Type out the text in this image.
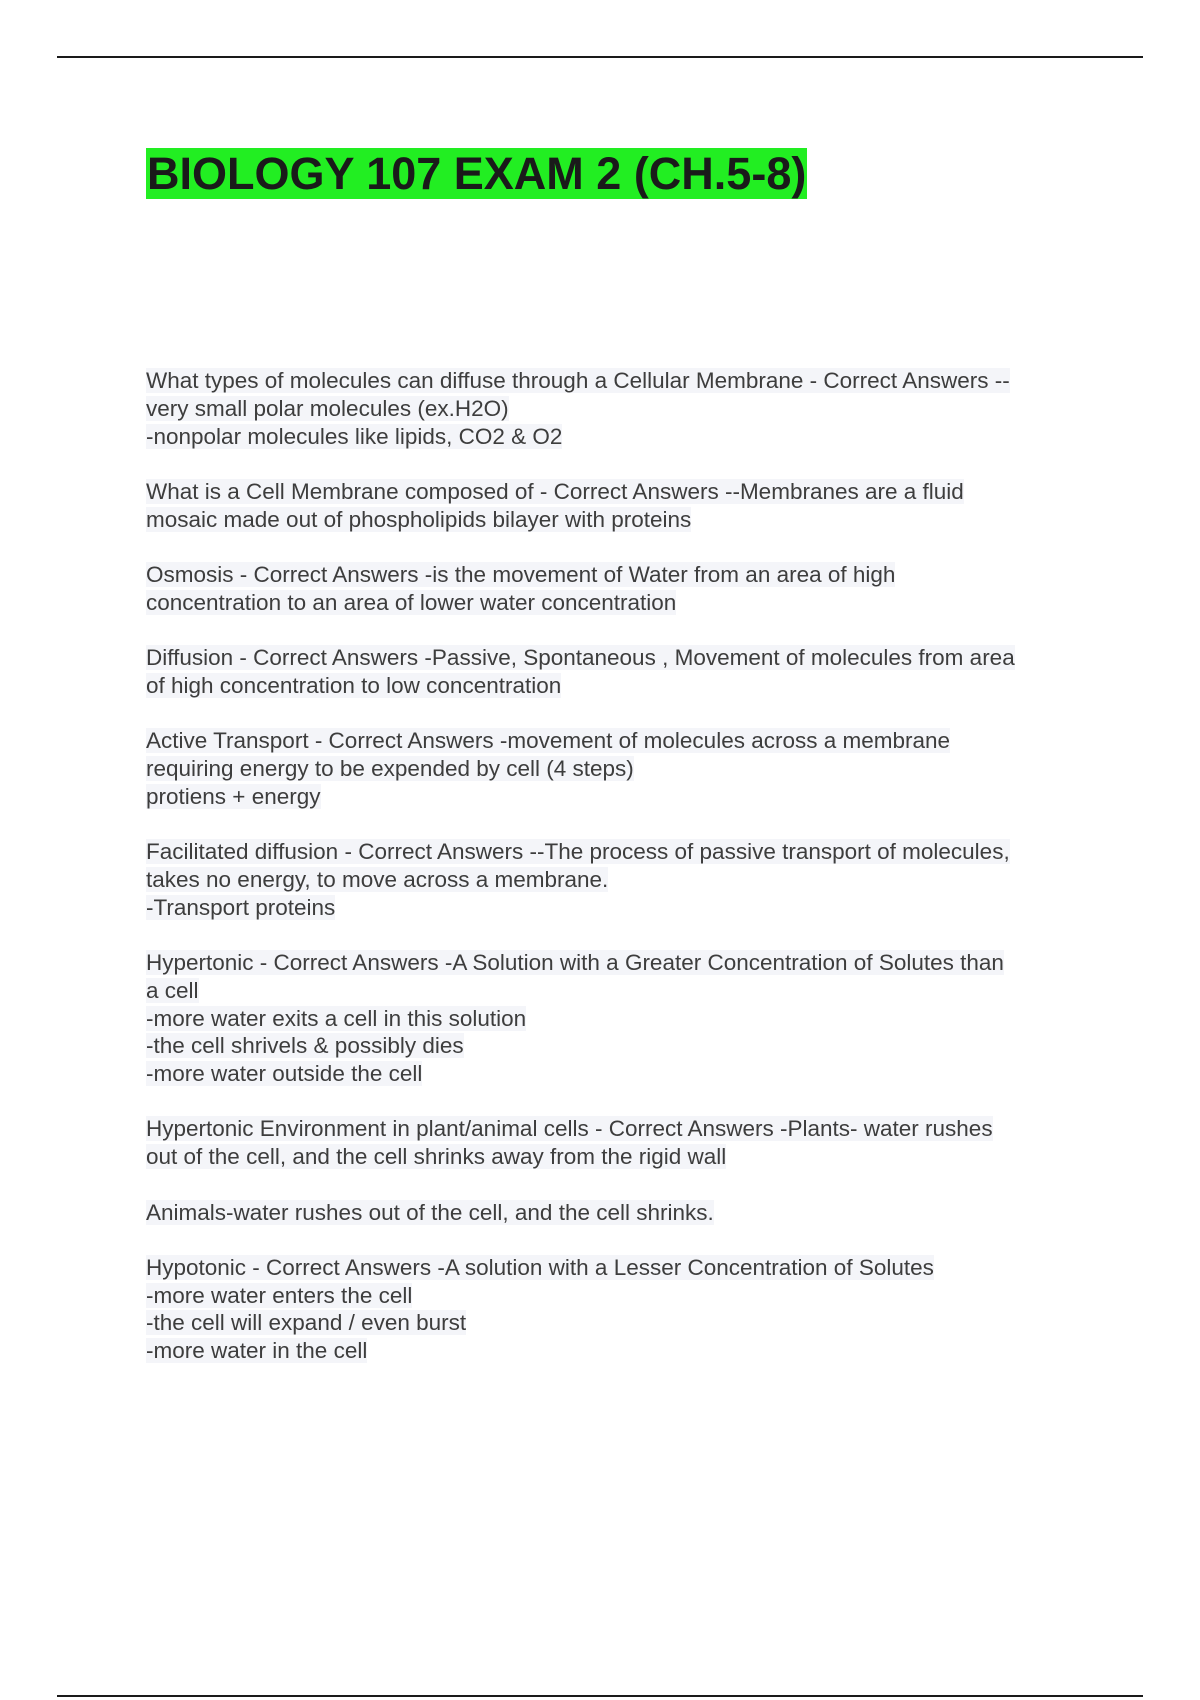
BIOLOGY 107 EXAM 2 (CH.5-8)
What types of molecules can diffuse through a Cellular Membrane - Correct Answers --
very small polar molecules (ex.H2O)
-nonpolar molecules like lipids, CO2 & O2
What is a Cell Membrane composed of - Correct Answers --Membranes are a fluid
mosaic made out of phospholipids bilayer with proteins
Osmosis - Correct Answers -is the movement of Water from an area of high
concentration to an area of lower water concentration
Diffusion - Correct Answers -Passive, Spontaneous , Movement of molecules from area
of high concentration to low concentration
Active Transport - Correct Answers -movement of molecules across a membrane
requiring energy to be expended by cell (4 steps)
protiens + energy
Facilitated diffusion - Correct Answers --The process of passive transport of molecules,
takes no energy, to move across a membrane.
-Transport proteins
Hypertonic - Correct Answers -A Solution with a Greater Concentration of Solutes than
a cell
-more water exits a cell in this solution
-the cell shrivels & possibly dies
-more water outside the cell
Hypertonic Environment in plant/animal cells - Correct Answers -Plants- water rushes
out of the cell, and the cell shrinks away from the rigid wall
Animals-water rushes out of the cell, and the cell shrinks.
Hypotonic - Correct Answers -A solution with a Lesser Concentration of Solutes
-more water enters the cell
-the cell will expand / even burst
-more water in the cell
